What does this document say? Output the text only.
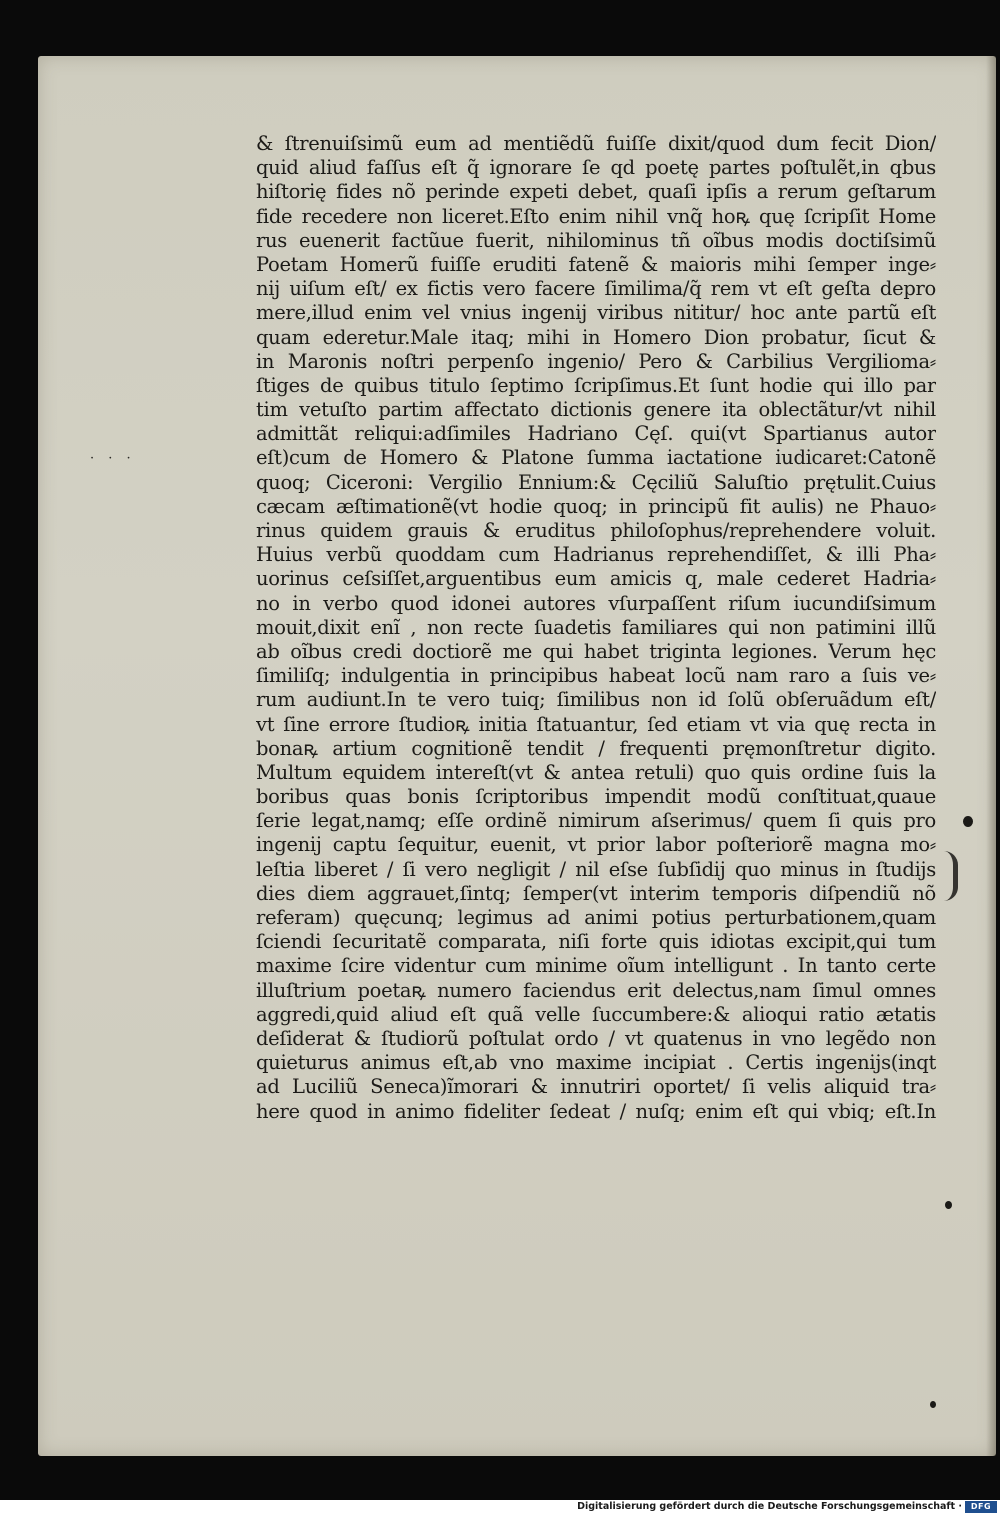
· · ·
& ſtrenuiſsimũ eum ad mentiẽdũ fuiſſe dixit/quod dum fecit Dion/
quid aliud faſſus eſt q̃ ignorare ſe qd poetę partes poſtulẽt,in qbus
hiſtorię fides nõ perinde expeti debet, quaſi ipſis a rerum geſtarum
fide recedere non liceret.Eſto enim nihil vnq̃ hoꝶ quę ſcripſit Home
rus euenerit factũue fuerit, nihilominus tñ oĩbus modis doctiſsimũ
Poetam Homerũ fuiſſe eruditi fatenẽ & maioris mihi ſemper inge⸗
nij uiſum eſt/ ex fictis vero facere ſimilima/q̃ rem vt eſt geſta depro
mere,illud enim vel vnius ingenij viribus nititur/ hoc ante partũ eſt
quam ederetur.Male itaq; mihi in Homero Dion probatur, ſicut &
in Maronis noſtri perpenſo ingenio/ Pero & Carbilius Vergilioma⸗
ſtiges de quibus titulo ſeptimo ſcripſimus.Et ſunt hodie qui illo par
tim vetuſto partim affectato dictionis genere ita oblectãtur/vt nihil
admittãt reliqui:adſimiles Hadriano Cęſ. qui(vt Spartianus autor
eſt)cum de Homero & Platone ſumma iactatione iudicaret:Catonẽ
quoq; Ciceroni: Vergilio Ennium:& Cęciliũ Saluſtio prętulit.Cuius
cæcam æſtimationẽ(vt hodie quoq; in principũ fit aulis) ne Phauo⸗
rinus quidem grauis & eruditus philoſophus/reprehendere voluit.
Huius verbũ quoddam cum Hadrianus reprehendiſſet, & illi Pha⸗
uorinus ceſsiſſet,arguentibus eum amicis q, male cederet Hadria⸗
no in verbo quod idonei autores vſurpaſſent riſum iucundiſsimum
mouit,dixit enĩ , non recte ſuadetis familiares qui non patimini illũ
ab oĩbus credi doctiorẽ me qui habet triginta legiones. Verum hęc
ſimiliſq; indulgentia in principibus habeat locũ nam raro a ſuis ve⸗
rum audiunt.In te vero tuiq; ſimilibus non id ſolũ obſeruãdum eſt/
vt ſine errore ſtudioꝶ initia ſtatuantur, ſed etiam vt via quę recta in
bonaꝶ artium cognitionẽ tendit / frequenti pręmonſtretur digito.
Multum equidem intereſt(vt & antea retuli) quo quis ordine ſuis la
boribus quas bonis ſcriptoribus impendit modũ conſtituat,quaue
ſerie legat,namq; eſſe ordinẽ nimirum aſserimus/ quem ſi quis pro
ingenij captu ſequitur, euenit, vt prior labor poſteriorẽ magna mo⸗
leſtia liberet / ſi vero negligit / nil eſse ſubſidij quo minus in ſtudijs
dies diem aggrauet,ſintq; ſemper(vt interim temporis diſpendiũ nõ
referam) quęcunq; legimus ad animi potius perturbationem,quam
ſciendi ſecuritatẽ comparata, niſi forte quis idiotas excipit,qui tum
maxime ſcire videntur cum minime oĩum intelligunt . In tanto certe
illuſtrium poetaꝶ numero faciendus erit delectus,nam ſimul omnes
aggredi,quid aliud eſt quã velle ſuccumbere:& alioqui ratio ætatis
deſiderat & ſtudiorũ poſtulat ordo / vt quatenus in vno legẽdo non
quieturus animus eſt,ab vno maxime incipiat . Certis ingenijs(inqt
ad Luciliũ Seneca)ĩmorari & innutriri oportet/ ſi velis aliquid tra⸗
here quod in animo fideliter ſedeat / nuſq; enim eſt qui vbiq; eſt.In
Digitalisierung gefördert durch die Deutsche Forschungsgemeinschaft ·	DFG
